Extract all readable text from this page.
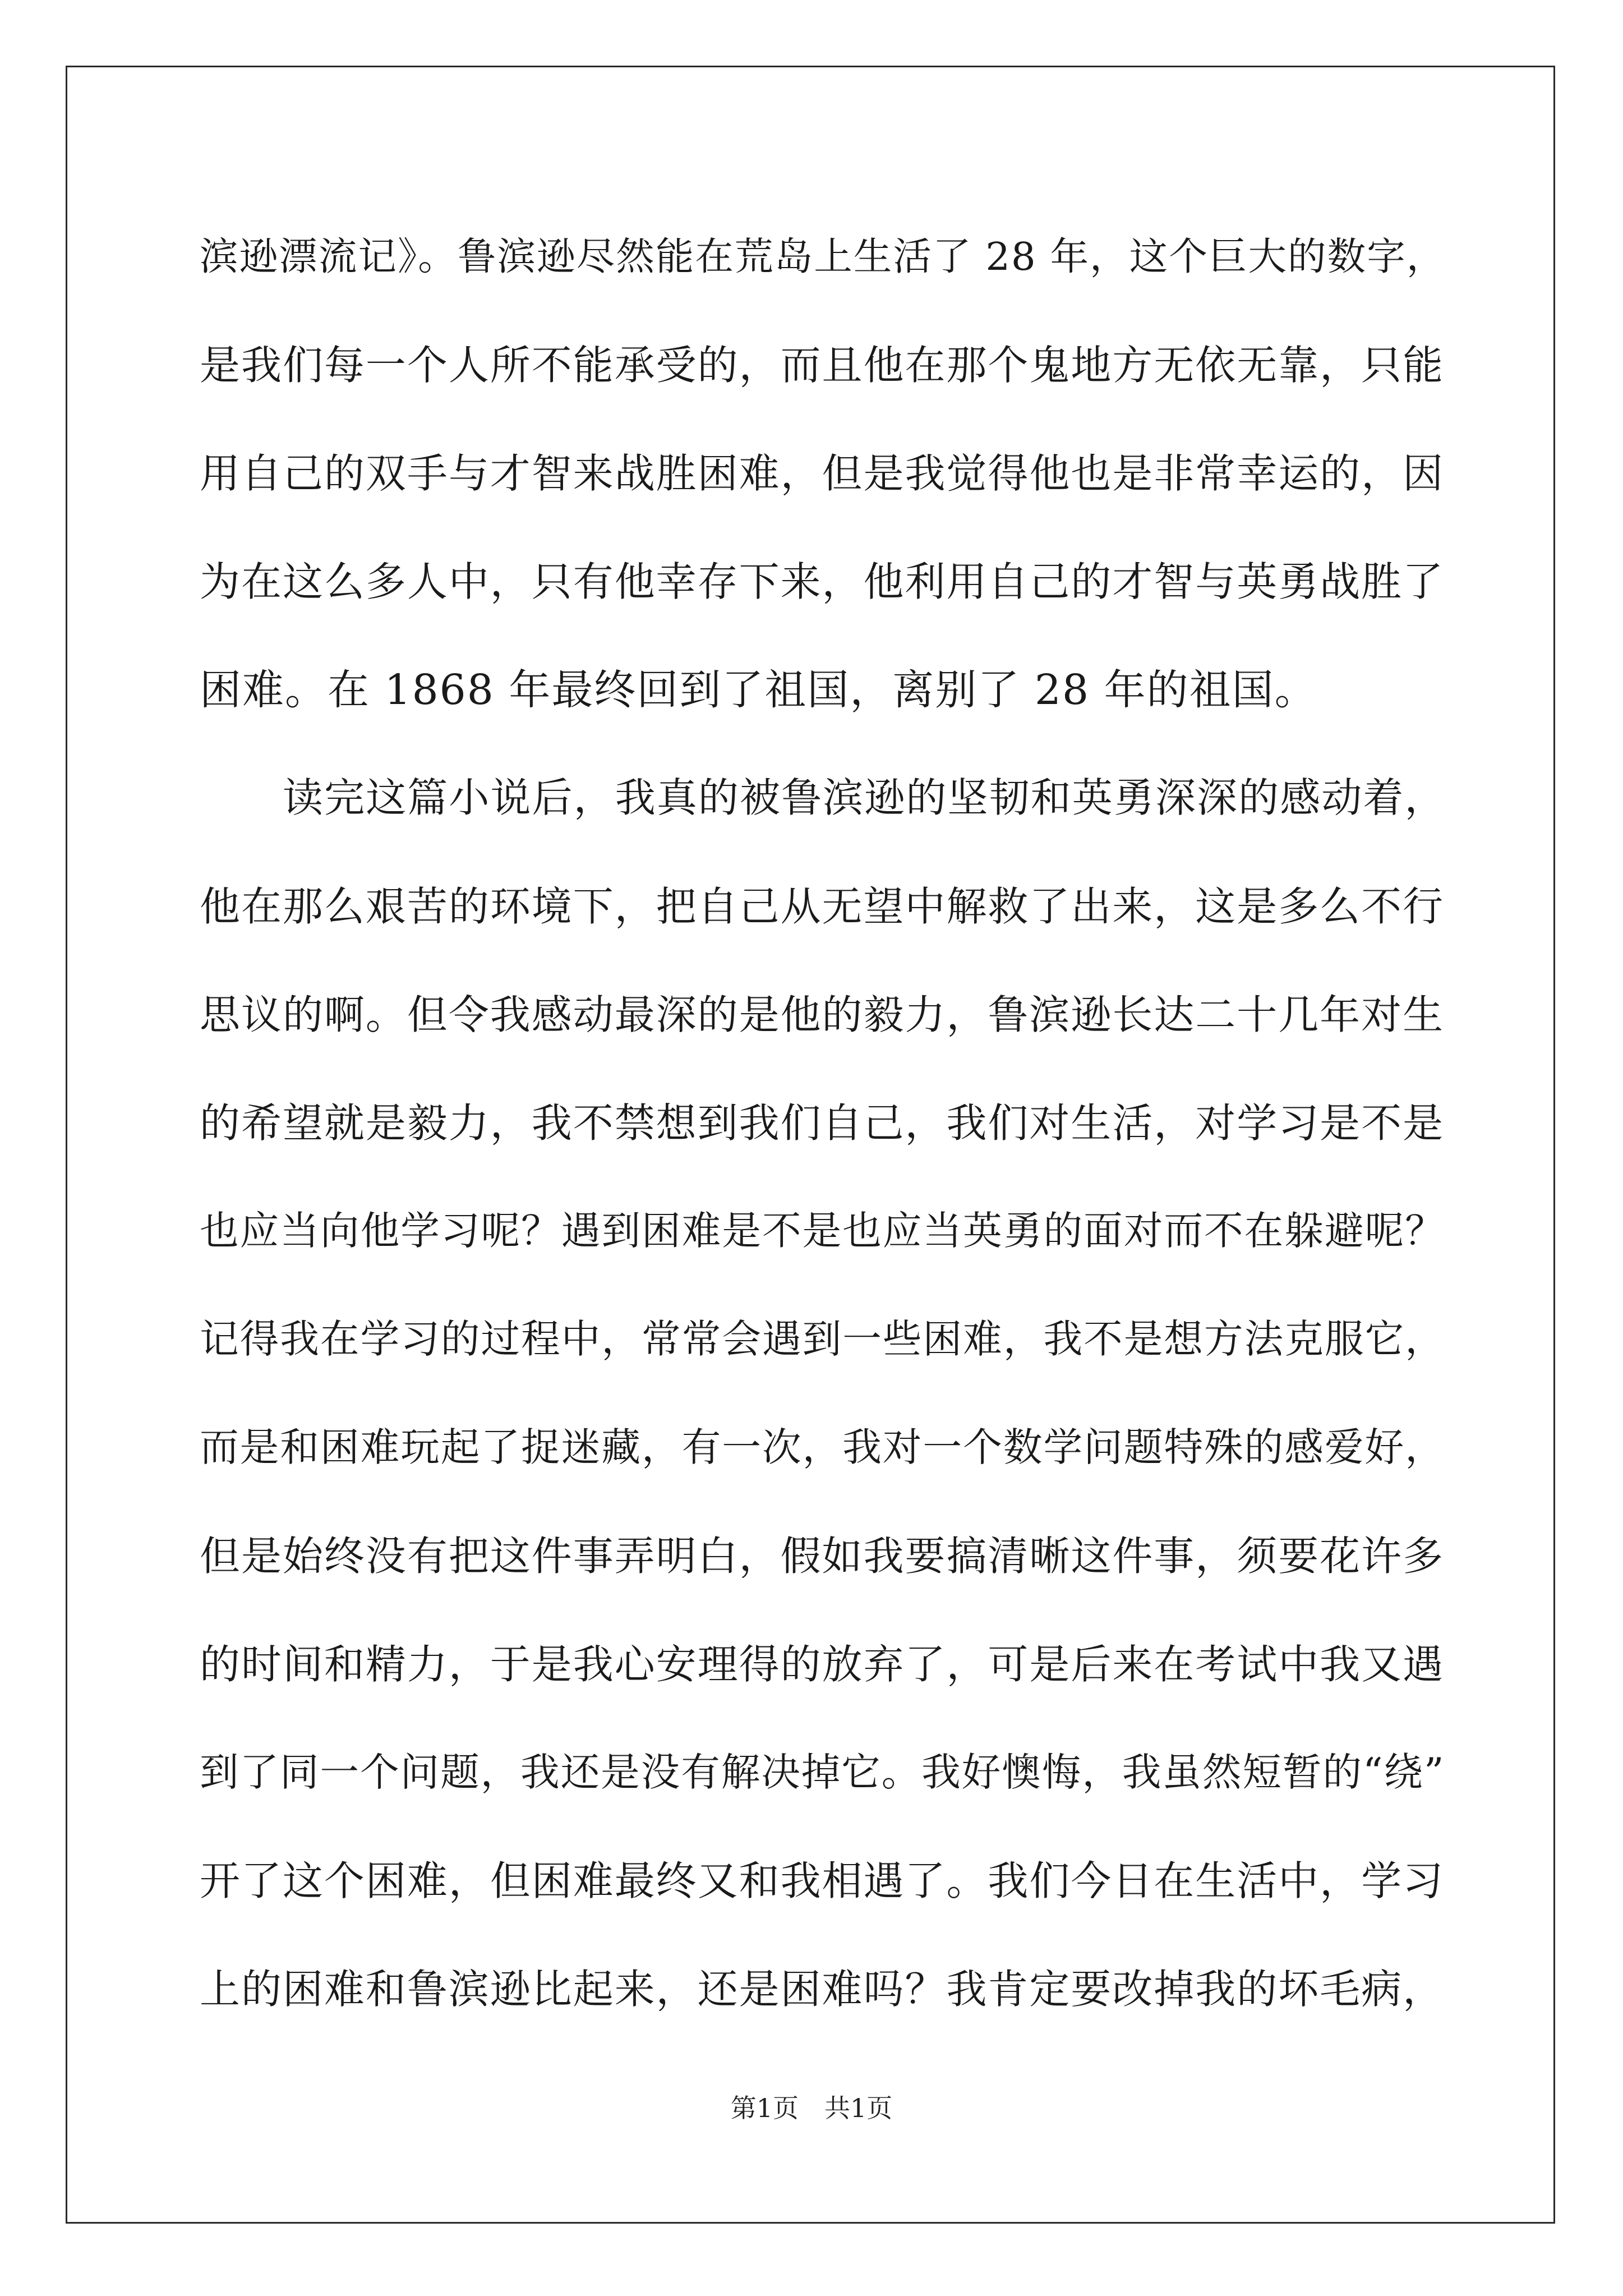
滨逊漂流记》。鲁滨逊尽然能在荒岛上生活了 28 年，这个巨大的数字，
是我们每一个人所不能承受的，而且他在那个鬼地方无依无靠，只能
用自己的双手与才智来战胜困难，但是我觉得他也是非常幸运的，因
为在这么多人中，只有他幸存下来，他利用自己的才智与英勇战胜了
困难。在 1868 年最终回到了祖国，离别了 28 年的祖国。
读完这篇小说后，我真的被鲁滨逊的坚韧和英勇深深的感动着，
他在那么艰苦的环境下，把自己从无望中解救了出来，这是多么不行
思议的啊。但令我感动最深的是他的毅力，鲁滨逊长达二十几年对生
的希望就是毅力，我不禁想到我们自己，我们对生活，对学习是不是
也应当向他学习呢？遇到困难是不是也应当英勇的面对而不在躲避呢？
记得我在学习的过程中，常常会遇到一些困难，我不是想方法克服它，
而是和困难玩起了捉迷藏，有一次，我对一个数学问题特殊的感爱好，
但是始终没有把这件事弄明白，假如我要搞清晰这件事，须要花许多
的时间和精力，于是我心安理得的放弃了，可是后来在考试中我又遇
到了同一个问题，我还是没有解决掉它。我好懊悔，我虽然短暂的“绕”
开了这个困难，但困难最终又和我相遇了。我们今日在生活中，学习
上的困难和鲁滨逊比起来，还是困难吗？我肯定要改掉我的坏毛病，
第1页　共1页
